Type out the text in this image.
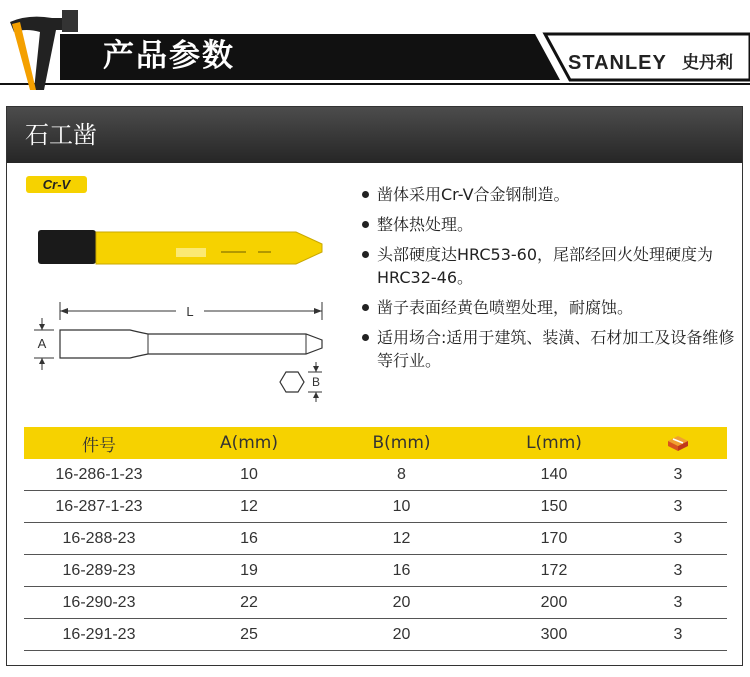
产品参数	STANLEY 史丹利
石工凿
Cr-V
L
A
B
凿体采用Cr-V合金钢制造。
整体热处理。
头部硬度达HRC53-60，尾部经回火处理硬度为HRC32-46。
凿子表面经黄色喷塑处理，耐腐蚀。
适用场合:适用于建筑、装潢、石材加工及设备维修等行业。
件号	A(mm)	B(mm)	L(mm)	
16-286-1-23	10	8	140	3
16-287-1-23	12	10	150	3
16-288-23	16	12	170	3
16-289-23	19	16	172	3
16-290-23	22	20	200	3
16-291-23	25	20	300	3
